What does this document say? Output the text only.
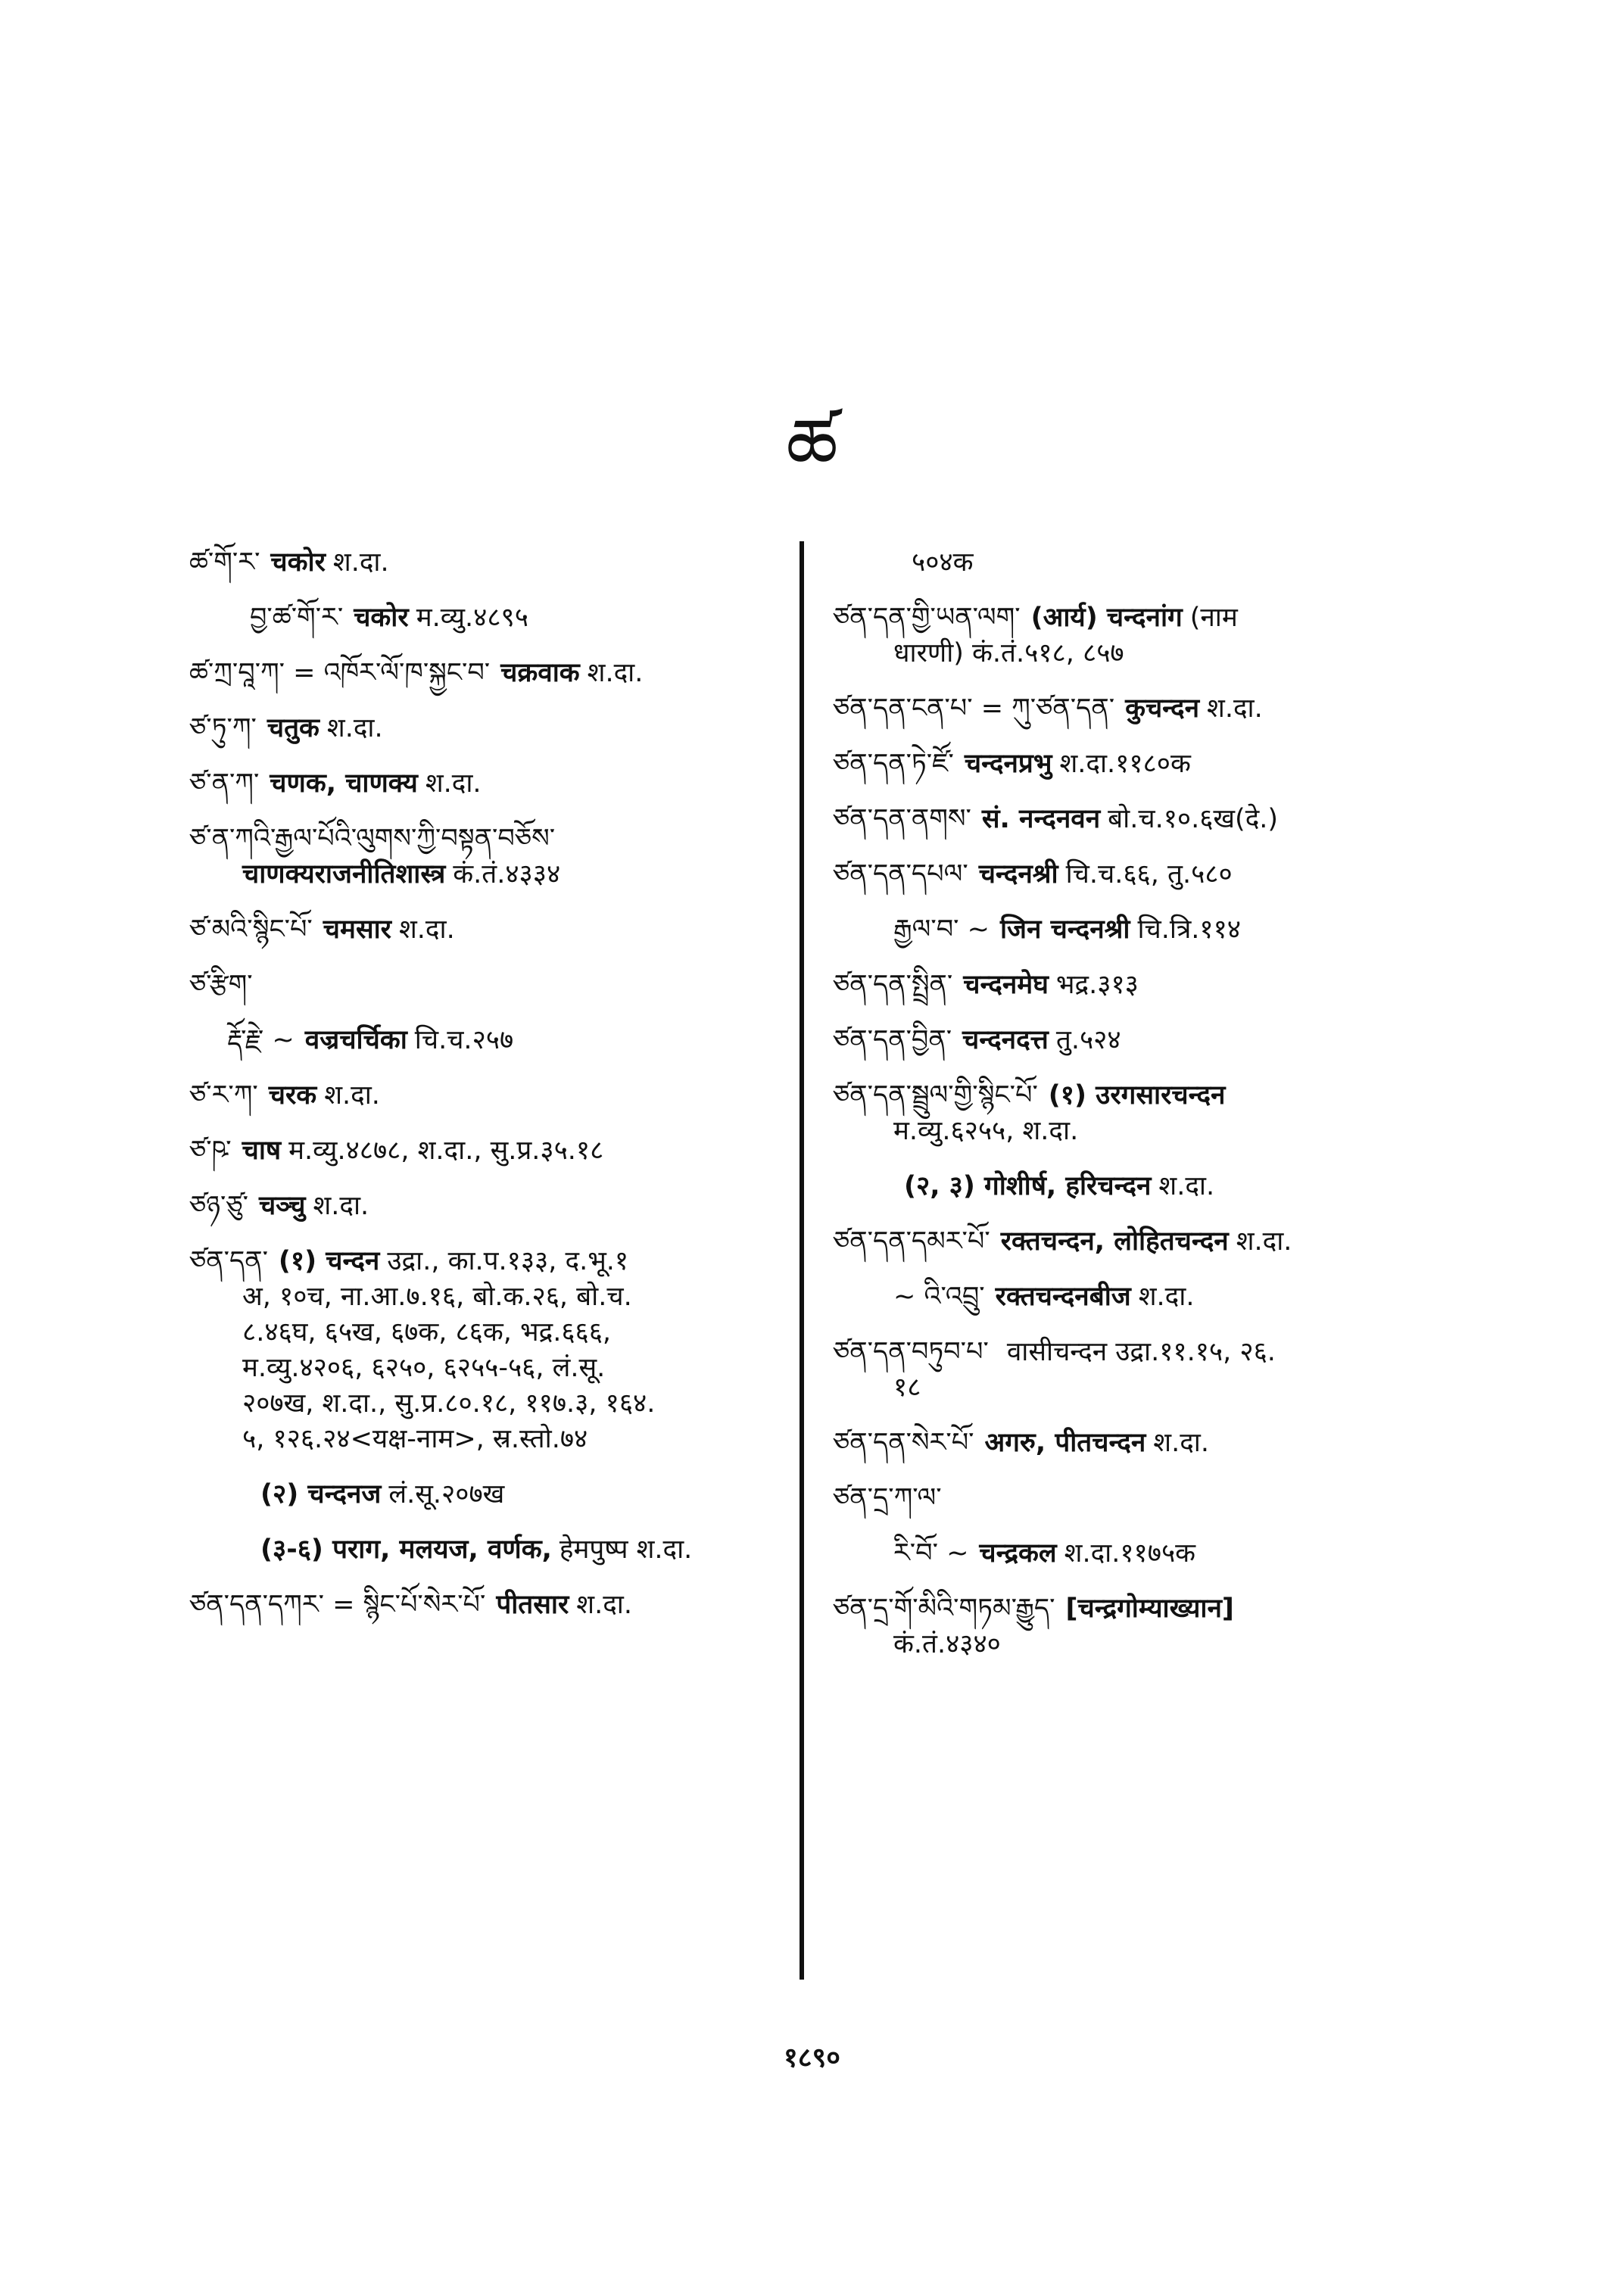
ཚ
ཚ་གོ་ར་ चकोर श.दा.
བྱ་ཚ་གོ་ར་ चकोर म.व्यु.४८९५
ཚ་ཀྲ་བཱ་ཀ་ = འཁོར་ལོ་ཁ་སྐྱང་བ་ चक्रवाक श.दा.
ཙ་ཏུ་ཀ་ चतुक श.दा.
ཙ་ན་ཀ་ चणक, चाणक्य श.दा.
ཙ་ན་ཀའི་རྒྱལ་པོའི་ལུགས་ཀྱི་བསྟན་བཅོས་
चाणक्यराजनीतिशास्त्र कं.तं.४३३४
ཙ་མའི་སྙིང་པོ་ चमसार श.दा.
ཙ་རྩིག་
རྡོ་རྗེ་ ~ वज्रचर्चिका चि.च.२५७
ཙ་ར་ཀ་ चरक श.दा.
ཙ་ཥ་ चाष म.व्यु.४८७८, श.दा., सु.प्र.३५.१८
ཙཉ་ཙུ་ चञ्चु श.दा.
ཙན་དན་ (१) चन्दन उद्रा., का.प.१३३, द.भू.१
अ, १०च, ना.आ.७.१६, बो.क.२६, बो.च.
८.४६घ, ६५ख, ६७क, ८६क, भद्र.६६६,
म.व्यु.४२०६, ६२५०, ६२५५-५६, लं.सू.
२०७ख, श.दा., सु.प्र.८०.१८, ११७.३, १६४.
५, १२६.२४<यक्ष-नाम>, स्र.स्तो.७४
(२) चन्दनज लं.सू.२०७ख
(३-६) पराग, मलयज, वर्णक, हेमपुष्प श.दा.
ཙན་དན་དཀར་ = སྙིང་པོ་སེར་པོ་ पीतसार श.दा.
५०४क
ཙན་དན་གྱི་ཡན་ལག་ (आर्य) चन्दनांग (नाम
धारणी) कं.तं.५१८, ८५७
ཙན་དན་ངན་པ་ = ཀུ་ཙན་དན་ कुचन्दन श.दा.
ཙན་དན་ཏེ་ཛོ་ चन्दनप्रभु श.दा.११८०क
ཙན་དན་ནགས་ सं. नन्दनवन बो.च.१०.६ख(दे.)
ཙན་དན་དཔལ་ चन्दनश्री चि.च.६६, तु.५८०
རྒྱལ་བ་ ~ जिन चन्दनश्री चि.त्रि.११४
ཙན་དན་སྤྲིན་ चन्दनमेघ भद्र.३१३
ཙན་དན་བྱིན་ चन्दनदत्त तु.५२४
ཙན་དན་སྦྲུལ་གྱི་སྙིང་པོ་ (१) उरगसारचन्दन
म.व्यु.६२५५, श.दा.
(२, ३) गोशीर्ष, हरिचन्दन श.दा.
ཙན་དན་དམར་པོ་ रक्तचन्दन, लोहितचन्दन श.दा.
~ འི་འབྲུ་ रक्तचन्दनबीज श.दा.
ཙན་དན་བཏུབ་པ་ वासीचन्दन उद्रा.११.१५, २६.
१८
ཙན་དན་སེར་པོ་ अगरु, पीतचन्दन श.दा.
ཙན་དྲ་ཀ་ལ་
རི་བོ་ ~ चन्द्रकल श.दा.११७५क
ཙན་དྲ་གོ་མིའི་གཏམ་རྒྱུད་ [चन्द्रगोम्याख्यान]
कं.तं.४३४०
१८९०
